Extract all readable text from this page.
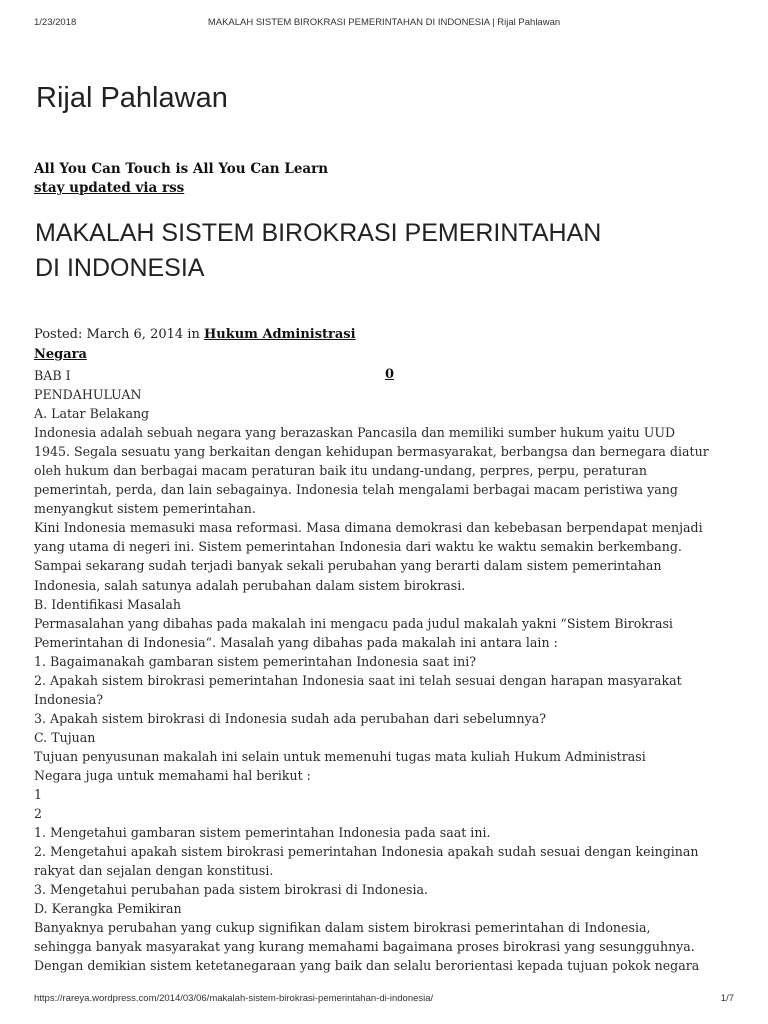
1/23/2018	MAKALAH SISTEM BIROKRASI PEMERINTAHAN DI INDONESIA | Rijal Pahlawan
Rijal Pahlawan
All You Can Touch is All You Can Learn
stay updated via rss
MAKALAH SISTEM BIROKRASI PEMERINTAHAN
DI INDONESIA
Posted: March 6, 2014 in Hukum Administrasi Negara
0

BAB I

PENDAHULUAN

A. Latar Belakang

Indonesia adalah sebuah negara yang berazaskan Pancasila dan memiliki sumber hukum yaitu UUD

1945. Segala sesuatu yang berkaitan dengan kehidupan bermasyarakat, berbangsa dan bernegara diatur

oleh hukum dan berbagai macam peraturan baik itu undang-undang, perpres, perpu, peraturan

pemerintah, perda, dan lain sebagainya. Indonesia telah mengalami berbagai macam peristiwa yang

menyangkut sistem pemerintahan.

Kini Indonesia memasuki masa reformasi. Masa dimana demokrasi dan kebebasan berpendapat menjadi

yang utama di negeri ini. Sistem pemerintahan Indonesia dari waktu ke waktu semakin berkembang.

Sampai sekarang sudah terjadi banyak sekali perubahan yang berarti dalam sistem pemerintahan

Indonesia, salah satunya adalah perubahan dalam sistem birokrasi.

B. Identifikasi Masalah

Permasalahan yang dibahas pada makalah ini mengacu pada judul makalah yakni “Sistem Birokrasi

Pemerintahan di Indonesia“. Masalah yang dibahas pada makalah ini antara lain :

1. Bagaimanakah gambaran sistem pemerintahan Indonesia saat ini?

2. Apakah sistem birokrasi pemerintahan Indonesia saat ini telah sesuai dengan harapan masyarakat

Indonesia?

3. Apakah sistem birokrasi di Indonesia sudah ada perubahan dari sebelumnya?

C. Tujuan

Tujuan penyusunan makalah ini selain untuk memenuhi tugas mata kuliah Hukum Administrasi

Negara juga untuk memahami hal berikut :

1

2

1. Mengetahui gambaran sistem pemerintahan Indonesia pada saat ini.

2. Mengetahui apakah sistem birokrasi pemerintahan Indonesia apakah sudah sesuai dengan keinginan

rakyat dan sejalan dengan konstitusi.

3. Mengetahui perubahan pada sistem birokrasi di Indonesia.

D. Kerangka Pemikiran

Banyaknya perubahan yang cukup signifikan dalam sistem birokrasi pemerintahan di Indonesia,

sehingga banyak masyarakat yang kurang memahami bagaimana proses birokrasi yang sesungguhnya.

Dengan demikian sistem ketetanegaraan yang baik dan selalu berorientasi kepada tujuan pokok negara

https://rareya.wordpress.com/2014/03/06/makalah-sistem-birokrasi-pemerintahan-di-indonesia/	1/7
